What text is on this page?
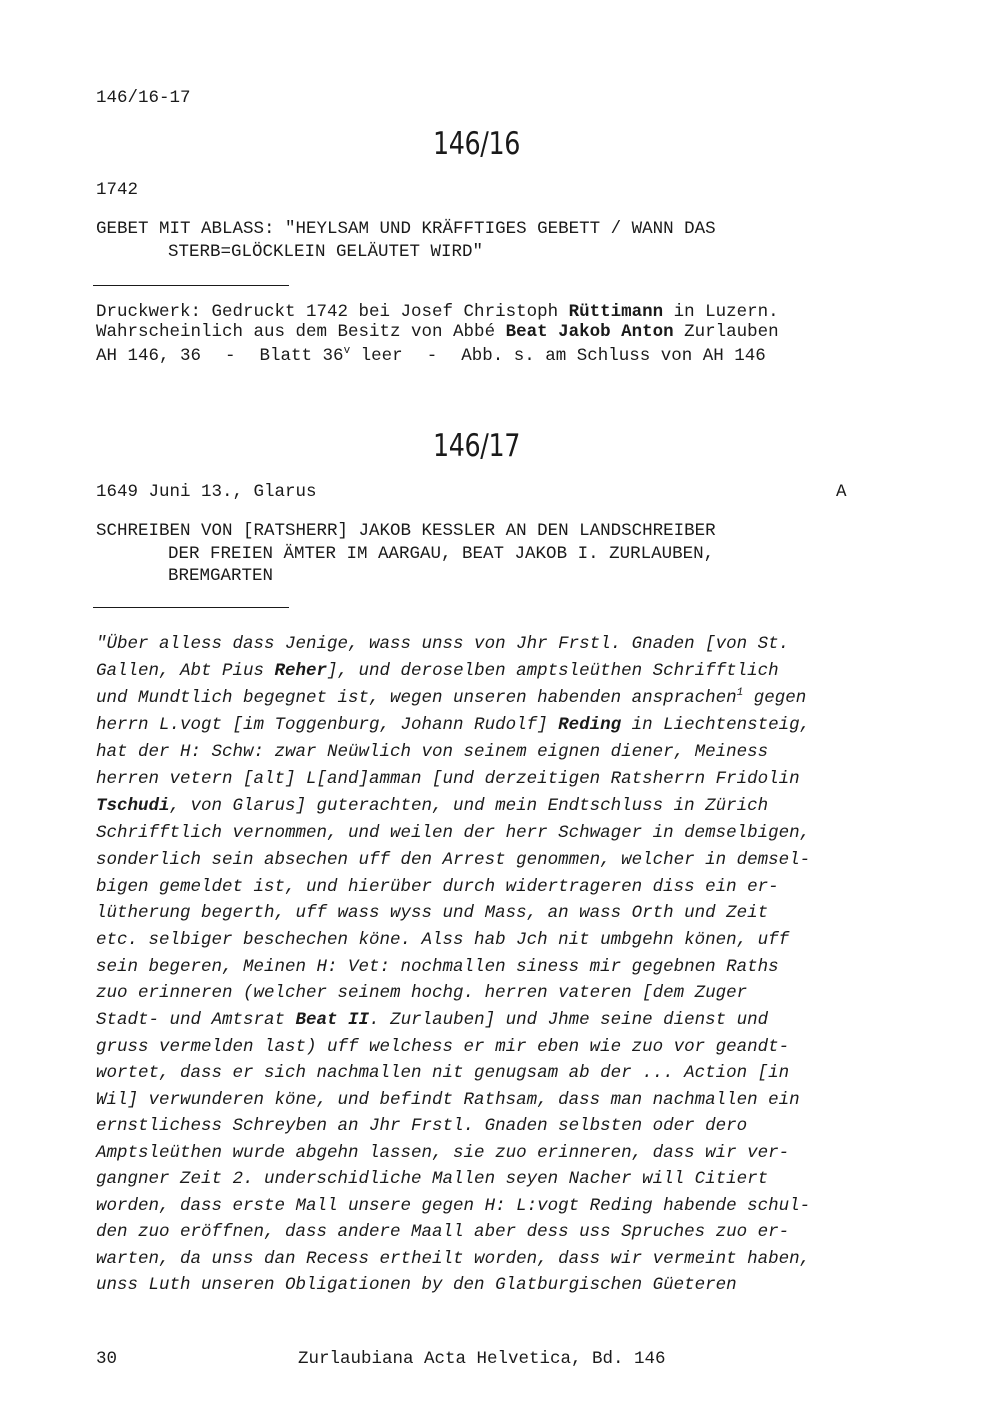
146/16-17
146/16
1742
GEBET MIT ABLASS: "HEYLSAM UND KRÄFFTIGES GEBETT / WANN DAS
STERB=GLÖCKLEIN GELÄUTET WIRD"
Druckwerk: Gedruckt 1742 bei Josef Christoph Rüttimann in Luzern.
Wahrscheinlich aus dem Besitz von Abbé Beat Jakob Anton Zurlauben
AH 146, 36 - Blatt 36$^v$ leer - Abb. s. am Schluss von AH 146
146/17
1649 Juni 13., Glarus	A
SCHREIBEN VON [RATSHERR] JAKOB KESSLER AN DEN LANDSCHREIBER
DER FREIEN ÄMTER IM AARGAU, BEAT JAKOB I. ZURLAUBEN,
BREMGARTEN
"Über alless dass Jenige, wass unss von Jhr Frstl. Gnaden [von St.
Gallen, Abt Pius Reher], und deroselben amptsleüthen Schrifftlich
und Mundtlich begegnet ist, wegen unseren habenden ansprachen$^1$ gegen
herrn L.vogt [im Toggenburg, Johann Rudolf] Reding in Liechtensteig,
hat der H: Schw: zwar Neüwlich von seinem eignen diener, Meiness
herren vetern [alt] L[and]amman [und derzeitigen Ratsherrn Fridolin
Tschudi, von Glarus] guterachten, und mein Endtschluss in Zürich
Schrifftlich vernommen, und weilen der herr Schwager in demselbigen,
sonderlich sein absechen uff den Arrest genommen, welcher in demsel-
bigen gemeldet ist, und hierüber durch widertrageren diss ein er-
lütherung begerth, uff wass wyss und Mass, an wass Orth und Zeit
etc. selbiger beschechen köne. Alss hab Jch nit umbgehn könen, uff
sein begeren, Meinen H: Vet: nochmallen siness mir gegebnen Raths
zuo erinneren (welcher seinem hochg. herren vateren [dem Zuger
Stadt- und Amtsrat Beat II. Zurlauben] und Jhme seine dienst und
gruss vermelden last) uff welchess er mir eben wie zuo vor geandt-
wortet, dass er sich nachmallen nit genugsam ab der ... Action [in
Wil] verwunderen köne, und befindt Rathsam, dass man nachmallen ein
ernstlichess Schreyben an Jhr Frstl. Gnaden selbsten oder dero
Amptsleüthen wurde abgehn lassen, sie zuo erinneren, dass wir ver-
gangner Zeit 2. underschidliche Mallen seyen Nacher will Citiert
worden, dass erste Mall unsere gegen H: L:vogt Reding habende schul-
den zuo eröffnen, dass andere Maall aber dess uss Spruches zuo er-
warten, da unss dan Recess ertheilt worden, dass wir vermeint haben,
unss Luth unseren Obligationen by den Glatburgischen Güeteren
30	Zurlaubiana Acta Helvetica, Bd. 146
